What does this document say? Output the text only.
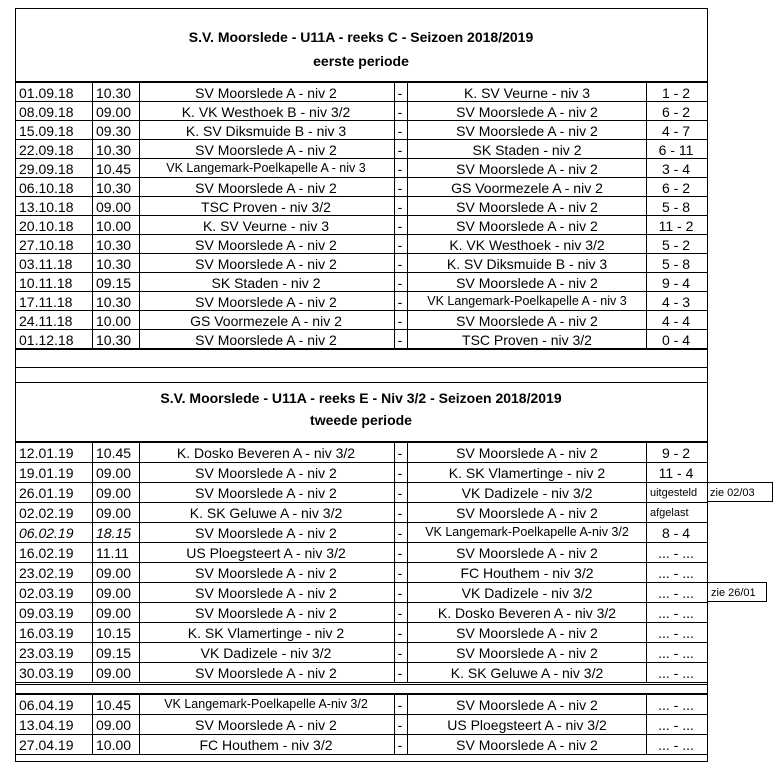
S.V. Moorslede - U11A - reeks C - Seizoen 2018/2019
eerste periode
01.09.18 10.30	SV Moorslede A - niv 2	-	K. SV Veurne - niv 3	1 - 2
08.09.18 09.00	K. VK Westhoek B - niv 3/2	-	SV Moorslede A - niv 2	6 - 2
15.09.18 09.30	K. SV Diksmuide B - niv 3	-	SV Moorslede A - niv 2	4 - 7
22.09.18 10.30	SV Moorslede A - niv 2	-	SK Staden - niv 2	6 - 11
29.09.18 10.45	VK Langemark-Poelkapelle A - niv 3 -	SV Moorslede A - niv 2	3 - 4
06.10.18 10.30	SV Moorslede A - niv 2	-	GS Voormezele A - niv 2	6 - 2
13.10.18 09.00	TSC Proven - niv 3/2	-	SV Moorslede A - niv 2	5 - 8
20.10.18 10.00	K. SV Veurne - niv 3	-	SV Moorslede A - niv 2	11 - 2
27.10.18 10.30	SV Moorslede A - niv 2	-	K. VK Westhoek - niv 3/2	5 - 2
03.11.18 10.30	SV Moorslede A - niv 2	-	K. SV Diksmuide B - niv 3	5 - 8
10.11.18 09.15	SK Staden - niv 2	-	SV Moorslede A - niv 2	9 - 4
17.11.18 10.30	SV Moorslede A - niv 2	- VK Langemark-Poelkapelle A - niv 3	4 - 3
24.11.18 10.00	GS Voormezele A - niv 2	-	SV Moorslede A - niv 2	4 - 4
01.12.18 10.30	SV Moorslede A - niv 2	-	TSC Proven - niv 3/2	0 - 4
S.V. Moorslede - U11A - reeks E - Niv 3/2 - Seizoen 2018/2019
tweede periode
12.01.19 10.45	K. Dosko Beveren A - niv 3/2	-	SV Moorslede A - niv 2	9 - 2
19.01.19 09.00	SV Moorslede A - niv 2	-	K. SK Vlamertinge - niv 2	11 - 4
26.01.19 09.00	SV Moorslede A - niv 2	-	VK Dadizele - niv 3/2	uitgesteld zie 02/03
02.02.19 09.00	K. SK Geluwe A - niv 3/2	-	SV Moorslede A - niv 2	afgelast
06.02.19 18.15	SV Moorslede A - niv 2	- VK Langemark-Poelkapelle A-niv 3/2 8 - 4
16.02.19 11.11	US Ploegsteert A - niv 3/2	-	SV Moorslede A - niv 2	... - ...
23.02.19 09.00	SV Moorslede A - niv 2	-	FC Houthem - niv 3/2	... - ...
02.03.19 09.00	SV Moorslede A - niv 2	-	VK Dadizele - niv 3/2	... - ... zie 26/01
09.03.19 09.00	SV Moorslede A - niv 2	-	K. Dosko Beveren A - niv 3/2	... - ...
16.03.19 10.15	K. SK Vlamertinge - niv 2	-	SV Moorslede A - niv 2	... - ...
23.03.19 09.15	VK Dadizele - niv 3/2	-	SV Moorslede A - niv 2	... - ...
30.03.19 09.00	SV Moorslede A - niv 2	-	K. SK Geluwe A - niv 3/2	... - ...
06.04.19 10.45	VK Langemark-Poelkapelle A-niv 3/2 -	SV Moorslede A - niv 2	... - ...
13.04.19 09.00	SV Moorslede A - niv 2	-	US Ploegsteert A - niv 3/2	... - ...
27.04.19 10.00	FC Houthem - niv 3/2	-	SV Moorslede A - niv 2	... - ...
